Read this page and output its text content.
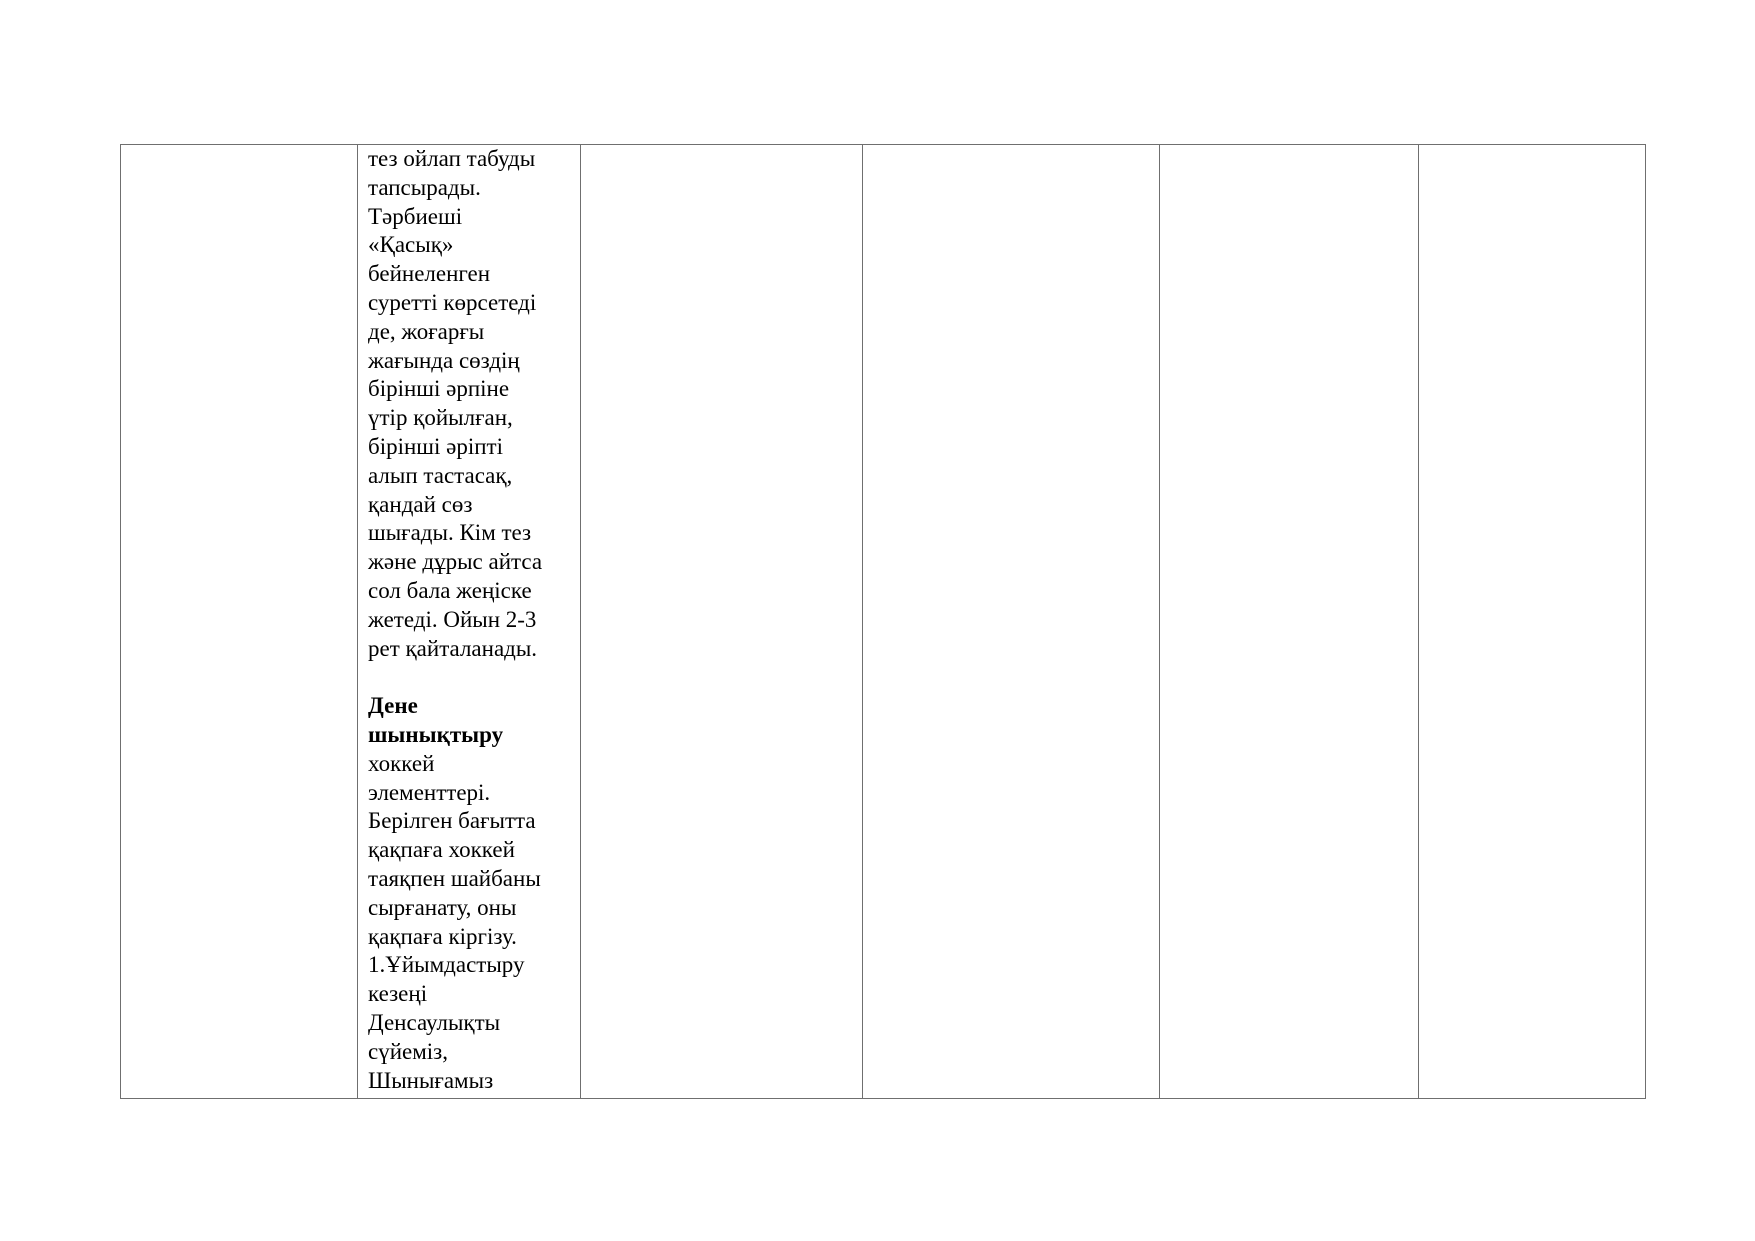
тез ойлап табуды
тапсырады.
Тәрбиеші
«Қасық»
бейнеленген
суретті көрсетеді
де, жоғарғы
жағында сөздің
бірінші әрпіне
үтір қойылған,
бірінші әріпті
алып тастасақ,
қандай сөз
шығады. Кім тез
және дұрыс айтса
сол бала жеңіске
жетеді. Ойын 2-3
рет қайталанады.
Дене
шынықтыру
хоккей
элементтері.
Берілген бағытта
қақпаға хоккей
таяқпен шайбаны
сырғанату, оны
қақпаға кіргізу.
1.Ұйымдастыру
кезеңі
Денсаулықты
сүйеміз,
Шынығамыз
